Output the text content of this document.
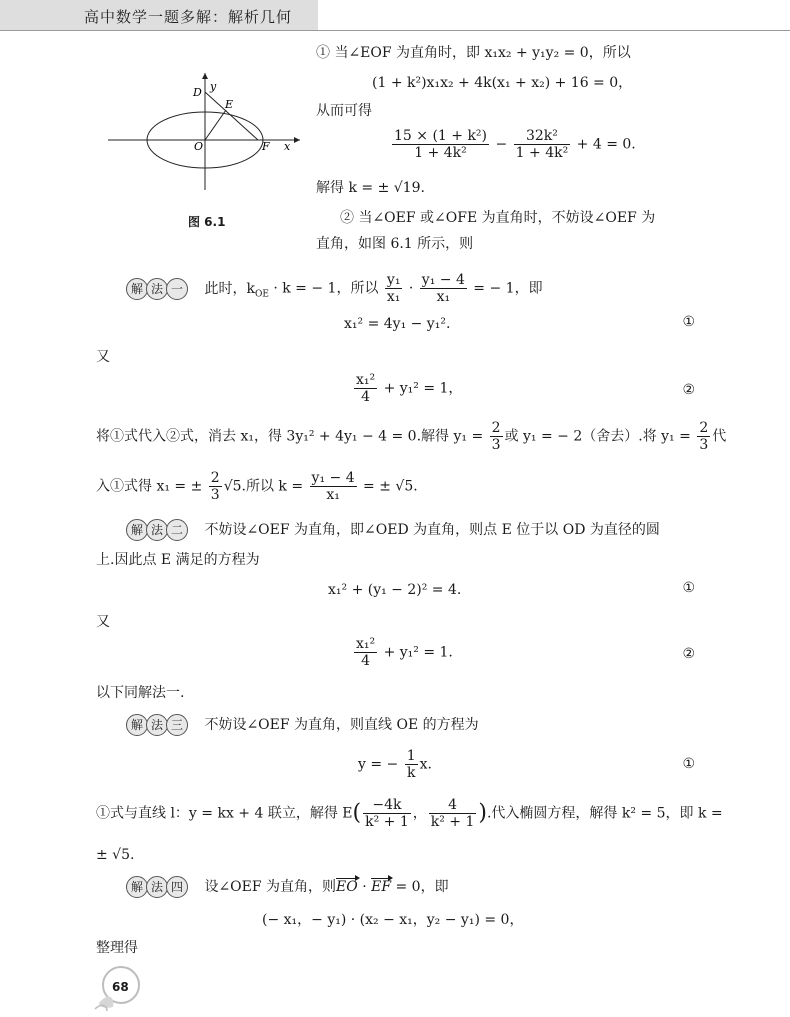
高中数学一题多解：解析几何
D y
E
O	F x
图 6.1
① 当∠EOF 为直角时，即 x₁x₂ + y₁y₂ = 0，所以
(1 + k²)x₁x₂ + 4k(x₁ + x₂) + 16 = 0，
从而可得
$\frac{\text{15 × (1 + k²)}}{\text{1 + 4k²}} - \frac{\text{32k²}}{\text{1 + 4k²}} + 4 = 0$.
解得 k = ± √19.
② 当∠OEF 或∠OFE 为直角时，不妨设∠OEF 为
直角，如图 6.1 所示，则
解 法 一 此时，$k_{OE} \cdot k$ = − 1，所以 $\frac{\text{y₁}}{\text{x₁}} \cdot \frac{\text{y₁ − 4}}{\text{x₁}}$ = − 1，即
x₁² = 4y₁ − y₁².	①
又
$\frac{\text{x₁²}}{4} + y_1^2 = 1$，	②
将①式代入②式，消去 x₁，得 3y₁² + 4y₁ − 4 = 0.解得 $y_1 = \frac{2}{3}$ 或 y₁ = − 2（舍去）.将 $y_1 = \frac{2}{3}$ 代
入①式得 x₁ = ± $\frac{2}{3} √5$.所以 $k = \frac{\text{y₁ − 4}}{\text{x₁}}$ = ± √5.
解 法 二 不妨设∠OEF 为直角，即∠OED 为直角，则点 E 位于以 OD 为直径的圆
上.因此点 E 满足的方程为
x₁² + (y₁ − 2)² = 4.	①
又
$\frac{\text{x₁²}}{4} + y_1^2 = 1$.	②
以下同解法一.
解 法 三 不妨设∠OEF 为直角，则直线 OE 的方程为
y = − $\frac{1}{k} x$.	①
①式与直线 l：y = kx + 4 联立，解得 $E( \frac{-4k}{\text{k² + 1}}$ ， $\frac{4}{\text{k² + 1}}$ ).代入椭圆方程，解得 k² = 5，即 k =
± √5.
解 法 四 设∠OEF 为直角，则EO · EF = 0，即
(− x₁，− y₁) · (x₂ − x₁，y₂ − y₁) = 0，
整理得
68
